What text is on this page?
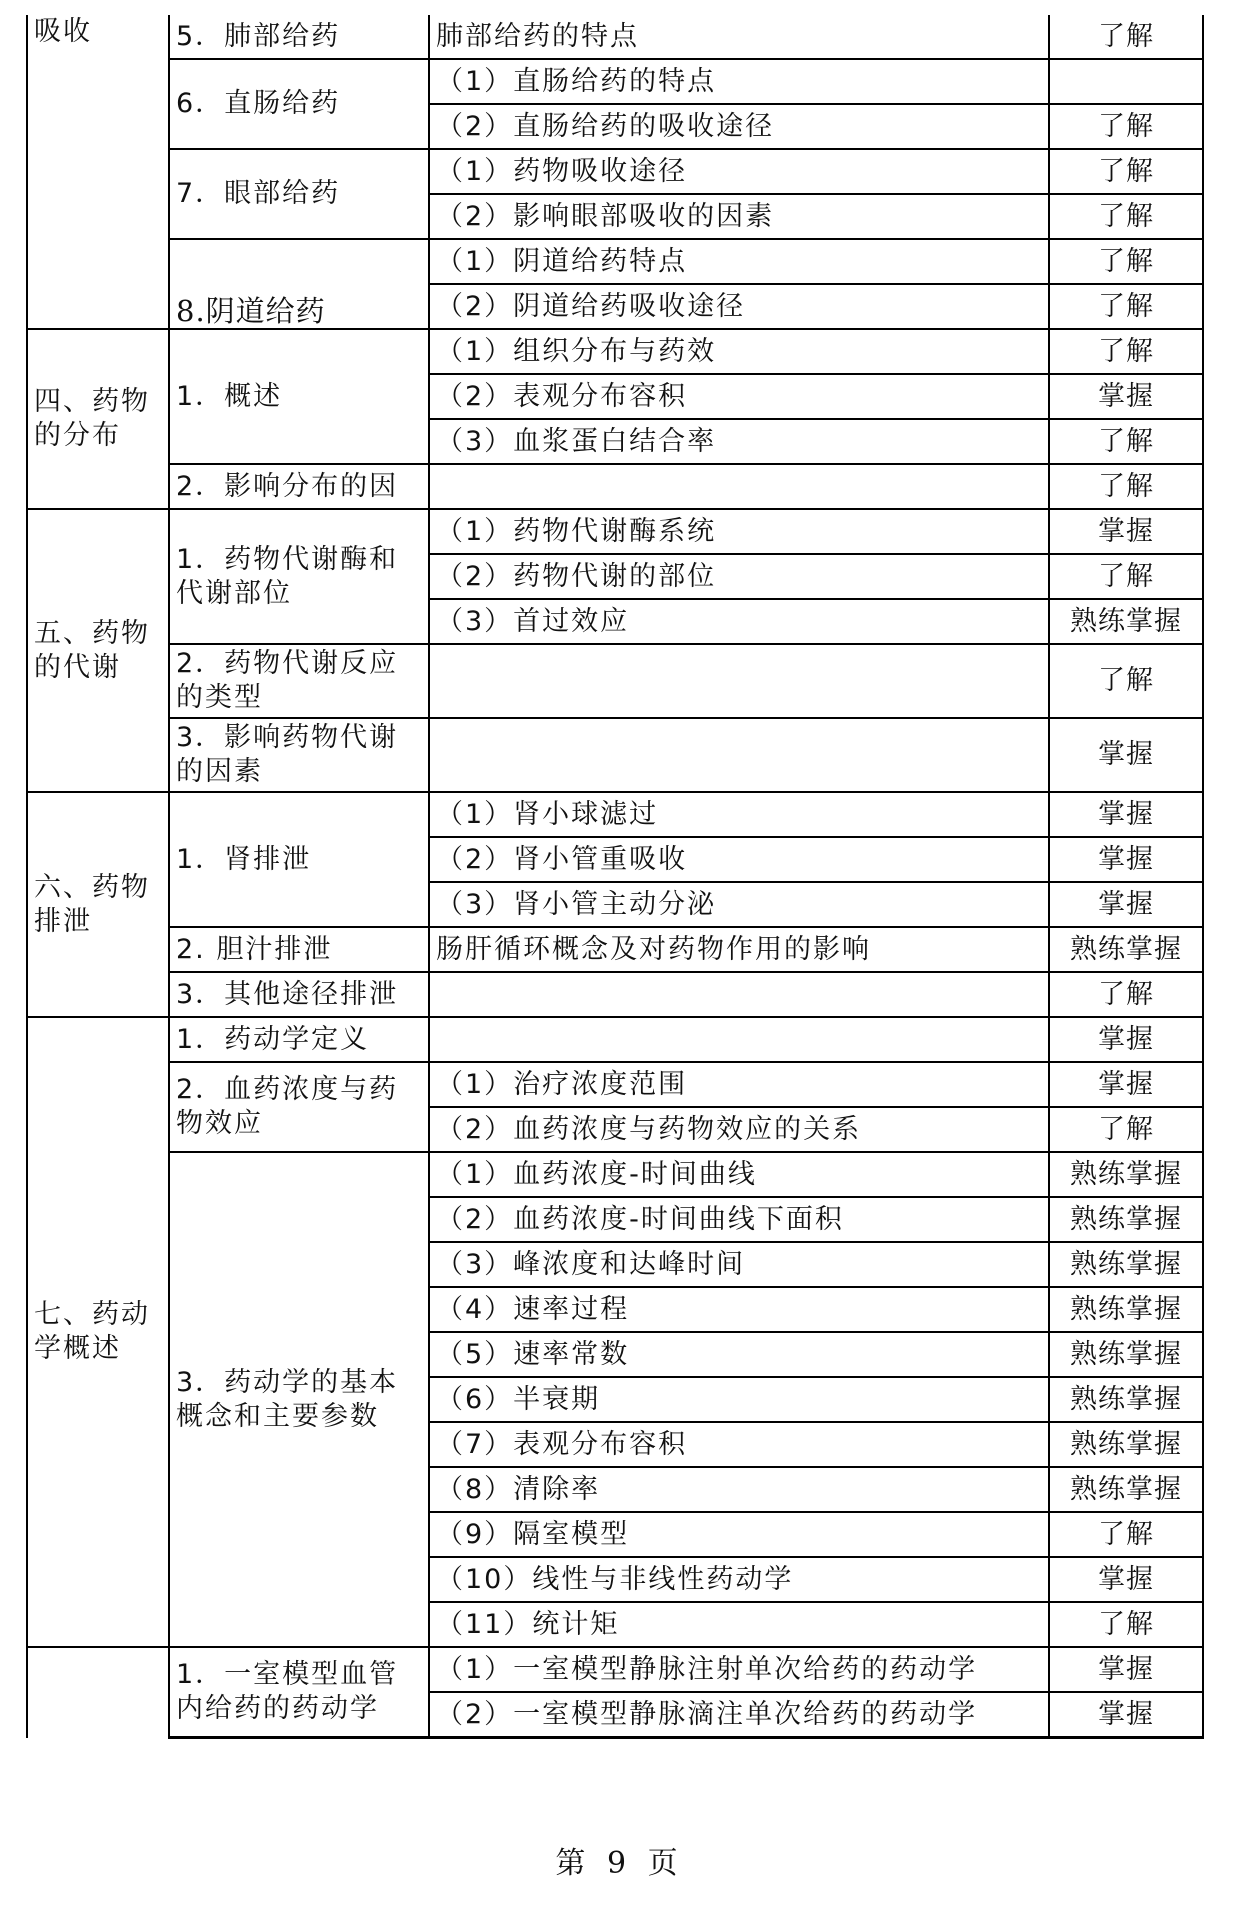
吸收	5．肺部给药	肺部给药的特点	了解
	6．直肠给药	（1）直肠给药的特点	
		（2）直肠给药的吸收途径	了解
	7．眼部给药	（1）药物吸收途径	了解
		（2）影响眼部吸收的因素	了解
	8.阴道给药	（1）阴道给药特点	了解
		（2）阴道给药吸收途径	了解
四、药物的分布	1．概述	（1）组织分布与药效	了解
		（2）表观分布容积	掌握
		（3）血浆蛋白结合率	了解
	2．影响分布的因		了解
五、药物的代谢	1．药物代谢酶和代谢部位	（1）药物代谢酶系统	掌握
		（2）药物代谢的部位	了解
		（3）首过效应	熟练掌握
	2．药物代谢反应的类型		了解
	3．影响药物代谢的因素		掌握
六、药物排泄	1．肾排泄	（1）肾小球滤过	掌握
		（2）肾小管重吸收	掌握
		（3）肾小管主动分泌	掌握
	2. 胆汁排泄	肠肝循环概念及对药物作用的影响	熟练掌握
	3．其他途径排泄		了解
七、药动学概述	1．药动学定义		掌握
	2．血药浓度与药物效应	（1）治疗浓度范围	掌握
		（2）血药浓度与药物效应的关系	了解
	3．药动学的基本概念和主要参数	（1）血药浓度-时间曲线	熟练掌握
		（2）血药浓度-时间曲线下面积	熟练掌握
		（3）峰浓度和达峰时间	熟练掌握
		（4）速率过程	熟练掌握
		（5）速率常数	熟练掌握
		（6）半衰期	熟练掌握
		（7）表观分布容积	熟练掌握
		（8）清除率	熟练掌握
		（9）隔室模型	了解
		（10）线性与非线性药动学	掌握
		（11）统计矩	了解
	1．一室模型血管内给药的药动学	（1）一室模型静脉注射单次给药的药动学	掌握
		（2）一室模型静脉滴注单次给药的药动学	掌握
第 9 页
